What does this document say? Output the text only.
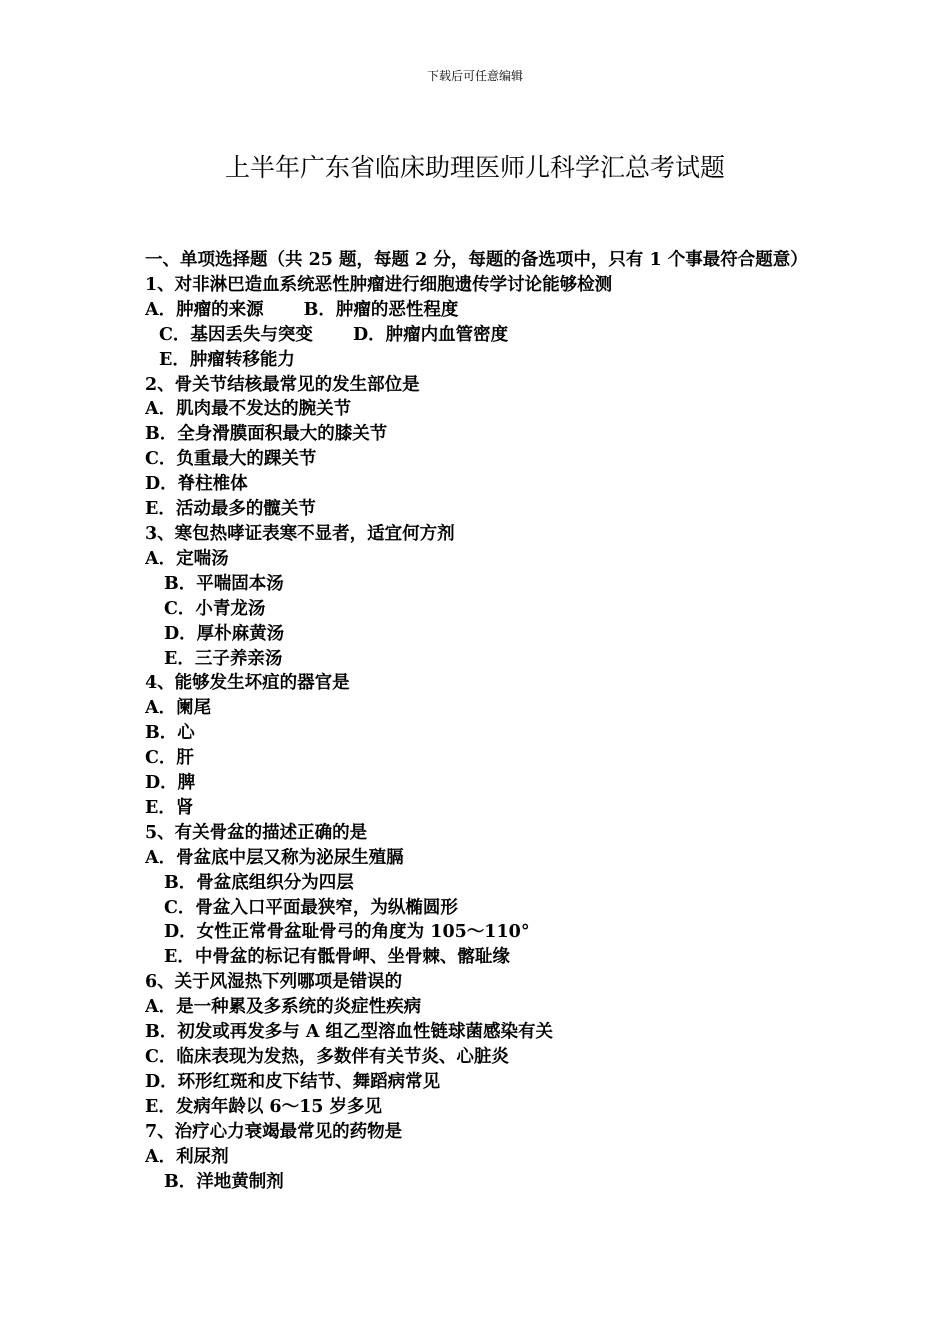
下载后可任意编辑
上半年广东省临床助理医师儿科学汇总考试题
一、单项选择题（共 25 题，每题 2 分，每题的备选项中，只有 1 个事最符合题意）
1、对非淋巴造血系统恶性肿瘤进行细胞遗传学讨论能够检测
A．肿瘤的来源 B．肿瘤的恶性程度
C．基因丢失与突变 D．肿瘤内血管密度
E．肿瘤转移能力
2、骨关节结核最常见的发生部位是
A．肌肉最不发达的腕关节
B．全身滑膜面积最大的膝关节
C．负重最大的踝关节
D．脊柱椎体
E．活动最多的髋关节
3、寒包热哮证表寒不显者，适宜何方剂
A．定喘汤
B．平喘固本汤
C．小青龙汤
D．厚朴麻黄汤
E．三子养亲汤
4、能够发生坏疽的器官是
A．阑尾
B．心
C．肝
D．脾
E．肾
5、有关骨盆的描述正确的是
A．骨盆底中层又称为泌尿生殖膈
B．骨盆底组织分为四层
C．骨盆入口平面最狭窄，为纵椭圆形
D．女性正常骨盆耻骨弓的角度为 105～110°
E．中骨盆的标记有骶骨岬、坐骨棘、髂耻缘
6、关于风湿热下列哪项是错误的
A．是一种累及多系统的炎症性疾病
B．初发或再发多与 A 组乙型溶血性链球菌感染有关
C．临床表现为发热，多数伴有关节炎、心脏炎
D．环形红斑和皮下结节、舞蹈病常见
E．发病年龄以 6～15 岁多见
7、治疗心力衰竭最常见的药物是
A．利尿剂
B．洋地黄制剂
